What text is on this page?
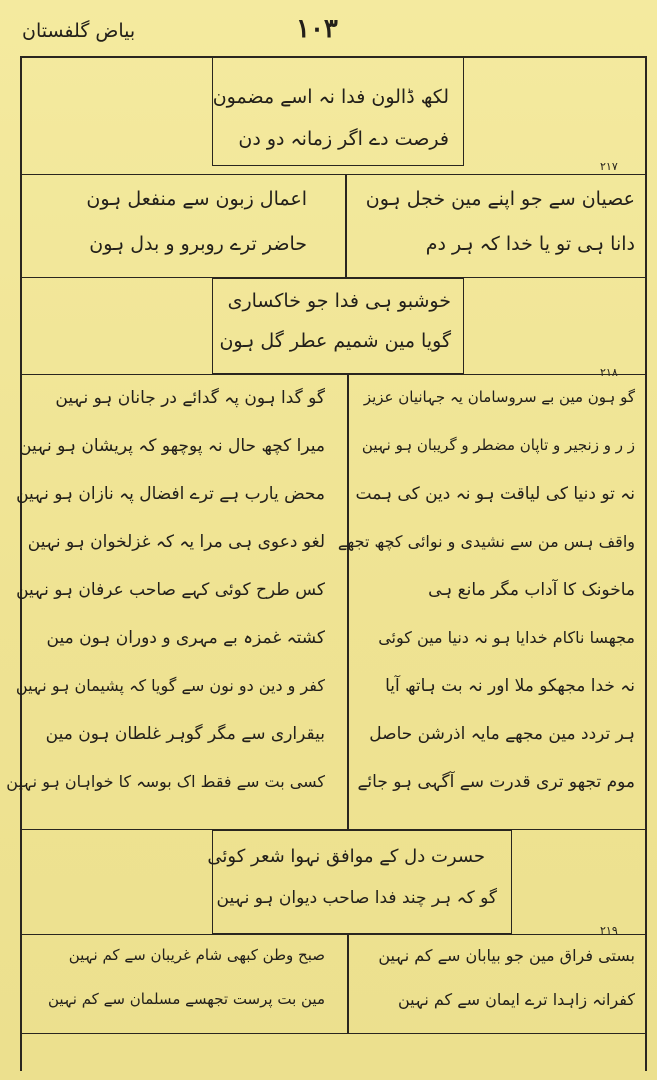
بیاض گلفستان	۱۰۳
لکھ ڈالون فدا نہ اسے مضمون
فرصت دے اگر زمانہ دو دن
۲۱۷
اعمال زبون سے منفعل ہون
حاضر ترے روبرو و بدل ہون
عصیان سے جو اپنے مین خجل ہون
دانا ہی تو یا خدا کہ ہر دم
خوشبو ہی فدا جو خاکساری
گویا مین شمیم عطر گل ہون
۲۱۸
گو گدا ہون پہ گدائے در جانان ہو نہین
میرا کچھ حال نہ پوچھو کہ پریشان ہو نہین
محض یارب ہے ترے افضال پہ نازان ہو نہین
لغو دعوی ہی مرا یہ کہ غزلخوان ہو نہین
کس طرح کوئی کہے صاحب عرفان ہو نہین
کشتہ غمزہ بے مہری و دوران ہون مین
کفر و دین دو نون سے گویا کہ پشیمان ہو نہین
بیقراری سے مگر گوہر غلطان ہون مین
کسی بت سے فقط اک بوسہ کا خواہان ہو نہین
گو ہون مین بے سروسامان یہ جہانیان عزیز
ز ر و زنجیر و تاپان مضطر و گریبان ہو نہین
نہ تو دنیا کی لیاقت ہو نہ دین کی ہمت
واقف ہس من سے نشیدی و نوائی کچھ تجھے
ماخونک کا آداب مگر مانع ہی
مجھسا ناکام خدایا ہو نہ دنیا مین کوئی
نہ خدا مجھکو ملا اور نہ بت ہاتھ آیا
ہر تردد مین مجھے مایہ اذرشن حاصل
موم تجھو تری قدرت سے آگہی ہو جائے
حسرت دل کے موافق نہوا شعر کوئی
گو کہ ہر چند فدا صاحب دیوان ہو نہین
۲۱۹
صبح وطن کبھی شام غریبان سے کم نہین
مین بت پرست تجھسے مسلمان سے کم نہین
بستی فراق مین جو بیابان سے کم نہین
کفرانہ زاہدا ترے ایمان سے کم نہین
